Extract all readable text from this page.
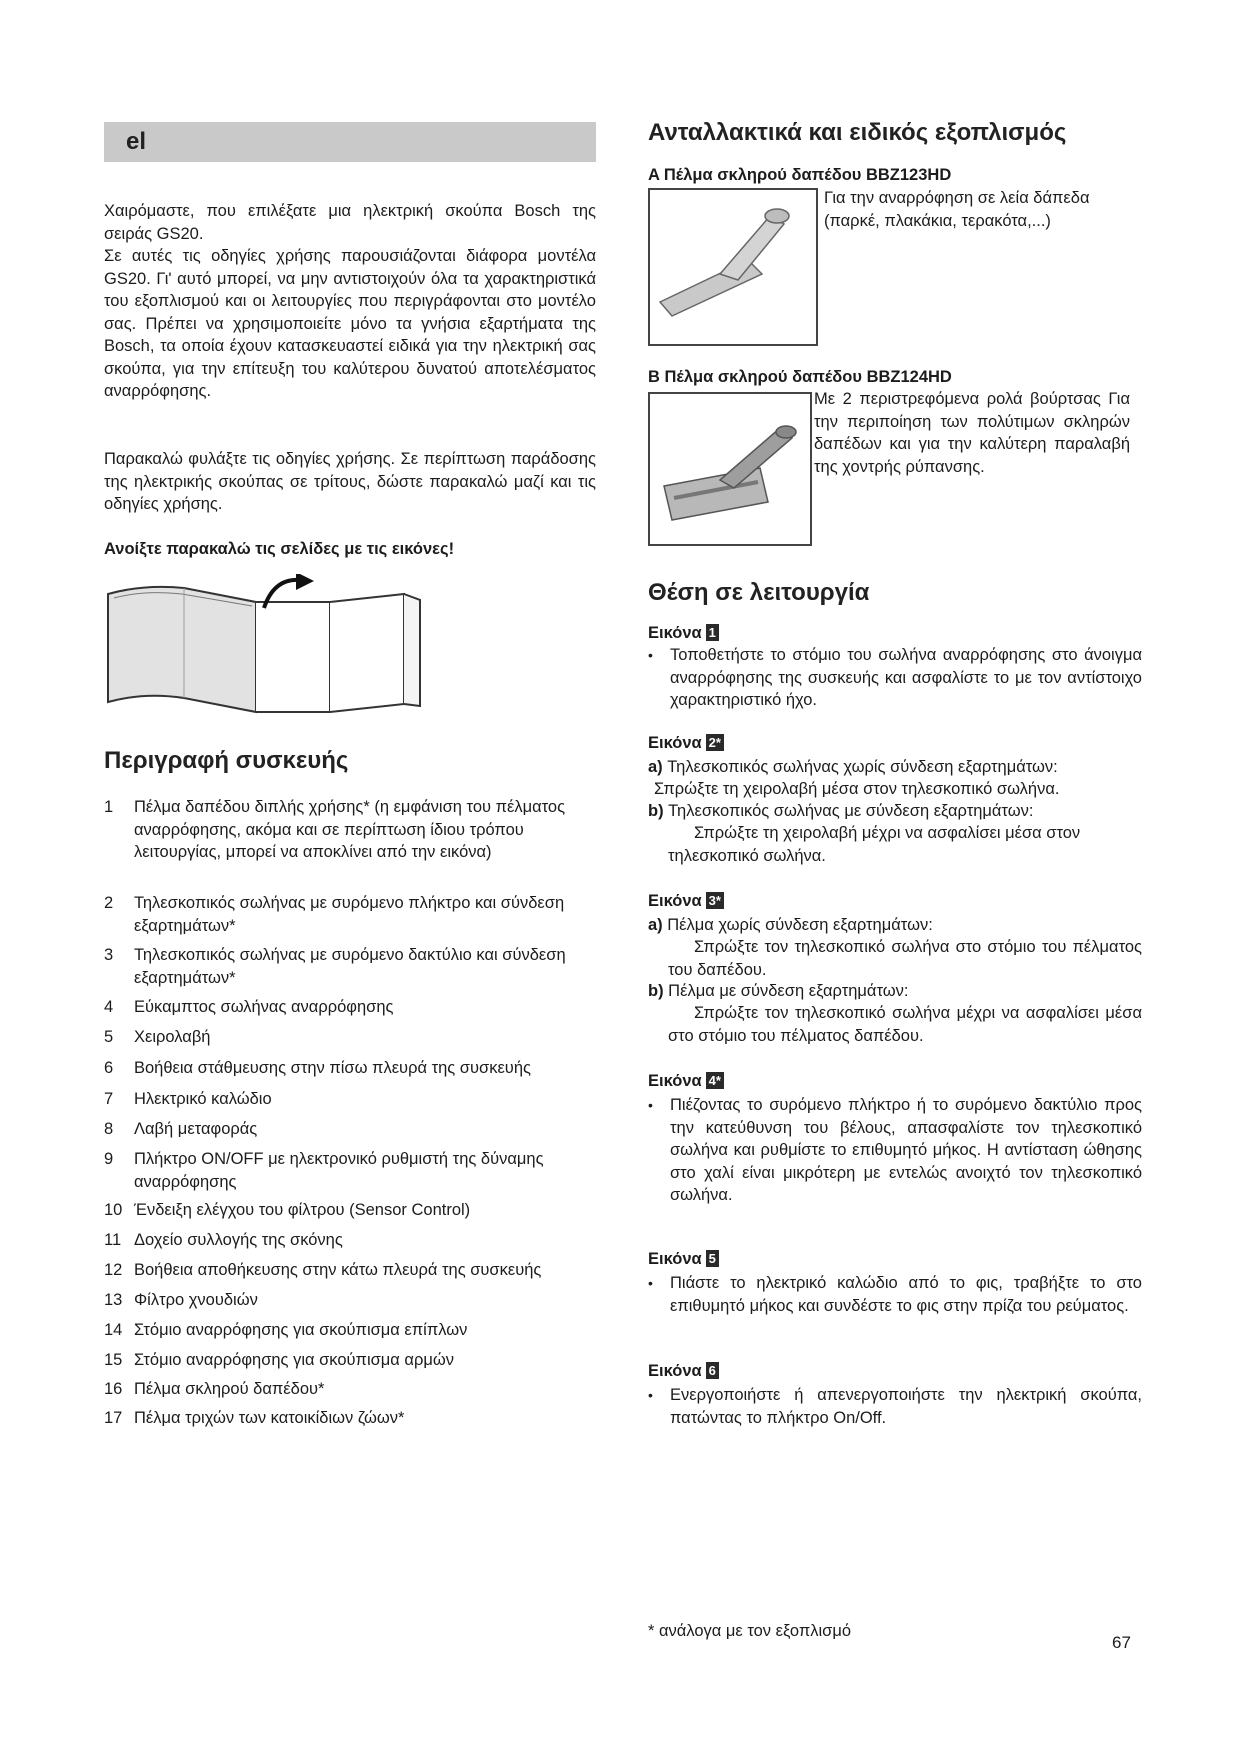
el
Χαιρόμαστε, που επιλέξατε μια ηλεκτρική σκούπα Bosch της σειράς GS20.
Σε αυτές τις οδηγίες χρήσης παρουσιάζονται διάφορα μοντέλα GS20. Γι' αυτό μπορεί, να μην αντιστοιχούν όλα τα χαρακτηριστικά του εξοπλισμού και οι λειτουργίες που περιγράφονται στο μοντέλο σας. Πρέπει να χρησιμοποιείτε μόνο τα γνήσια εξαρτήματα της Bosch, τα οποία έχουν κατασκευαστεί ειδικά για την ηλεκτρική σας σκούπα, για την επίτευξη του καλύτερου δυνατού αποτελέσματος αναρρόφησης.
Παρακαλώ φυλάξτε τις οδηγίες χρήσης. Σε περίπτωση παράδοσης της ηλεκτρικής σκούπας σε τρίτους, δώστε παρακαλώ μαζί και τις οδηγίες χρήσης.
Ανοίξτε παρακαλώ τις σελίδες με τις εικόνες!
Περιγραφή συσκευής
1	Πέλμα δαπέδου διπλής χρήσης* (η εμφάνιση του πέλματος αναρρόφησης, ακόμα και σε περίπτωση ίδιου τρόπου λειτουργίας, μπορεί να αποκλίνει από την εικόνα)
2	Τηλεσκοπικός σωλήνας με συρόμενο πλήκτρο και σύνδεση εξαρτημάτων*
3	Τηλεσκοπικός σωλήνας με συρόμενο δακτύλιο και σύνδεση εξαρτημάτων*
4	Εύκαμπτος σωλήνας αναρρόφησης
5	Χειρολαβή
6	Βοήθεια στάθμευσης στην πίσω πλευρά της συσκευής
7	Ηλεκτρικό καλώδιο
8	Λαβή μεταφοράς
9	Πλήκτρο ON/OFF με ηλεκτρονικό ρυθμιστή της δύναμης αναρρόφησης
10 Ένδειξη ελέγχου του φίλτρου (Sensor Control)
11 Δοχείο συλλογής της σκόνης
12 Βοήθεια αποθήκευσης στην κάτω πλευρά της συσκευής
13 Φίλτρο χνουδιών
14 Στόμιο αναρρόφησης για σκούπισμα επίπλων
15 Στόμιο αναρρόφησης για σκούπισμα αρμών
16 Πέλμα σκληρού δαπέδου*
17 Πέλμα τριχών των κατοικίδιων ζώων*
Ανταλλακτικά και ειδικός εξοπλισμός
A Πέλμα σκληρού δαπέδου BBZ123HD
Για την αναρρόφηση σε λεία δάπεδα (παρκέ, πλακάκια, τερακότα,...)
B Πέλμα σκληρού δαπέδου BBZ124HD
Με 2 περιστρεφόμενα ρολά βούρτσας Για την περιποίηση των πολύτιμων σκληρών δαπέδων και για την καλύτερη παραλαβή της χοντρής ρύπανσης.
Θέση σε λειτουργία
Εικόνα 1
•	Τοποθετήστε το στόμιο του σωλήνα αναρρόφησης στο άνοιγμα αναρρόφησης της συσκευής και ασφαλίστε το με τον αντίστοιχο χαρακτηριστικό ήχο.
Εικόνα 2*
a) Τηλεσκοπικός σωλήνας χωρίς σύνδεση εξαρτημάτων:
Σπρώξτε τη χειρολαβή μέσα στον τηλεσκοπικό σωλήνα.
b) Τηλεσκοπικός σωλήνας με σύνδεση εξαρτημάτων:
Σπρώξτε τη χειρολαβή μέχρι να ασφαλίσει μέσα στον τηλεσκοπικό σωλήνα.
Εικόνα 3*
a) Πέλμα χωρίς σύνδεση εξαρτημάτων:
Σπρώξτε τον τηλεσκοπικό σωλήνα στο στόμιο του πέλματος του δαπέδου.
b) Πέλμα με σύνδεση εξαρτημάτων:
Σπρώξτε τον τηλεσκοπικό σωλήνα μέχρι να ασφαλίσει μέσα στο στόμιο του πέλματος δαπέδου.
Εικόνα 4*
•	Πιέζοντας το συρόμενο πλήκτρο ή το συρόμενο δακτύλιο προς την κατεύθυνση του βέλους, απασφαλίστε τον τηλεσκοπικό σωλήνα και ρυθμίστε το επιθυμητό μήκος. Η αντίσταση ώθησης στο χαλί είναι μικρότερη με εντελώς ανοιχτό τον τηλεσκοπικό σωλήνα.
Εικόνα 5
•	Πιάστε το ηλεκτρικό καλώδιο από το φις, τραβήξτε το στο επιθυμητό μήκος και συνδέστε το φις στην πρίζα του ρεύματος.
Εικόνα 6
•	Ενεργοποιήστε ή απενεργοποιήστε την ηλεκτρική σκούπα, πατώντας το πλήκτρο On/Off.
* ανάλογα με τον εξοπλισμό
67
